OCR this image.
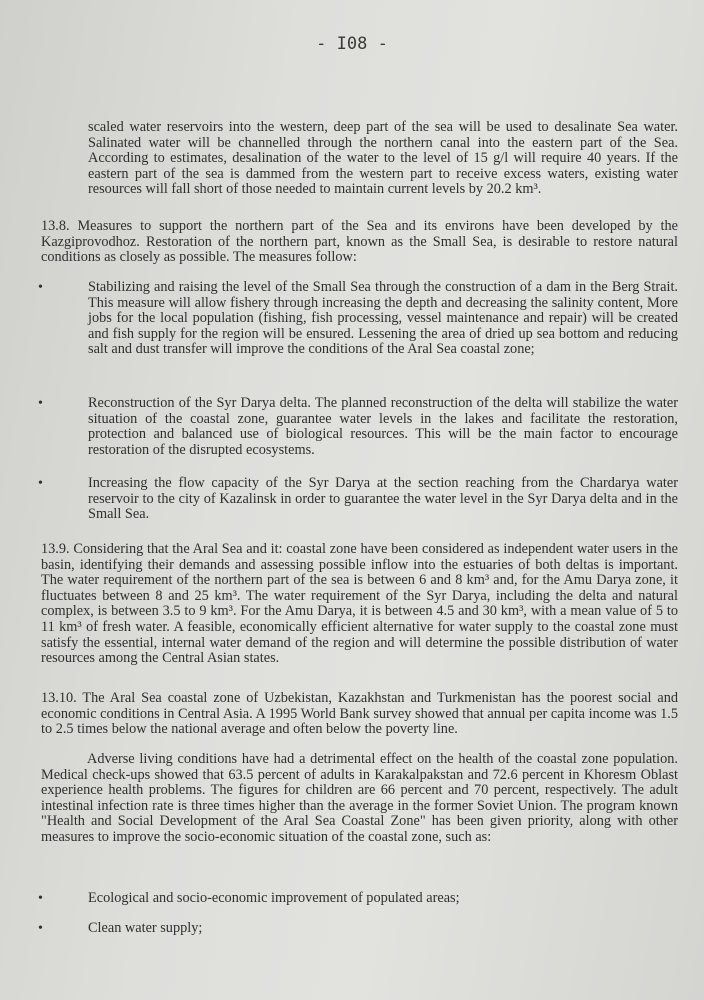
- I08 -
scaled water reservoirs into the western, deep part of the sea will be used to desalinate Sea water. Salinated water will be channelled through the northern canal into the eastern part of the Sea. According to estimates, desalination of the water to the level of 15 g/l will require 40 years. If the eastern part of the sea is dammed from the western part to receive excess waters, existing water resources will fall short of those needed to maintain current levels by 20.2 km³.
13.8. Measures to support the northern part of the Sea and its environs have been developed by the Kazgiprovodhoz. Restoration of the northern part, known as the Small Sea, is desirable to restore natural conditions as closely as possible. The measures follow:
•	Stabilizing and raising the level of the Small Sea through the construction of a dam in the Berg Strait. This measure will allow fishery through increasing the depth and decreasing the salinity content, More jobs for the local population (fishing, fish processing, vessel maintenance and repair) will be created and fish supply for the region will be ensured. Lessening the area of dried up sea bottom and reducing salt and dust transfer will improve the conditions of the Aral Sea coastal zone;
•	Reconstruction of the Syr Darya delta. The planned reconstruction of the delta will stabilize the water situation of the coastal zone, guarantee water levels in the lakes and facilitate the restoration, protection and balanced use of biological resources. This will be the main factor to encourage restoration of the disrupted ecosystems.
•	Increasing the flow capacity of the Syr Darya at the section reaching from the Chardarya water reservoir to the city of Kazalinsk in order to guarantee the water level in the Syr Darya delta and in the Small Sea.
13.9. Considering that the Aral Sea and it: coastal zone have been considered as independent water users in the basin, identifying their demands and assessing possible inflow into the estuaries of both deltas is important. The water requirement of the northern part of the sea is between 6 and 8 km³ and, for the Amu Darya zone, it fluctuates between 8 and 25 km³. The water requirement of the Syr Darya, including the delta and natural complex, is between 3.5 to 9 km³. For the Amu Darya, it is between 4.5 and 30 km³, with a mean value of 5 to 11 km³ of fresh water. A feasible, economically efficient alternative for water supply to the coastal zone must satisfy the essential, internal water demand of the region and will determine the possible distribution of water resources among the Central Asian states.
13.10. The Aral Sea coastal zone of Uzbekistan, Kazakhstan and Turkmenistan has the poorest social and economic conditions in Central Asia. A 1995 World Bank survey showed that annual per capita income was 1.5 to 2.5 times below the national average and often below the poverty line.
Adverse living conditions have had a detrimental effect on the health of the coastal zone population. Medical check-ups showed that 63.5 percent of adults in Karakalpakstan and 72.6 percent in Khoresm Oblast experience health problems. The figures for children are 66 percent and 70 percent, respectively. The adult intestinal infection rate is three times higher than the average in the former Soviet Union. The program known "Health and Social Development of the Aral Sea Coastal Zone" has been given priority, along with other measures to improve the socio-economic situation of the coastal zone, such as:
•	Ecological and socio-economic improvement of populated areas;
•	Clean water supply;
